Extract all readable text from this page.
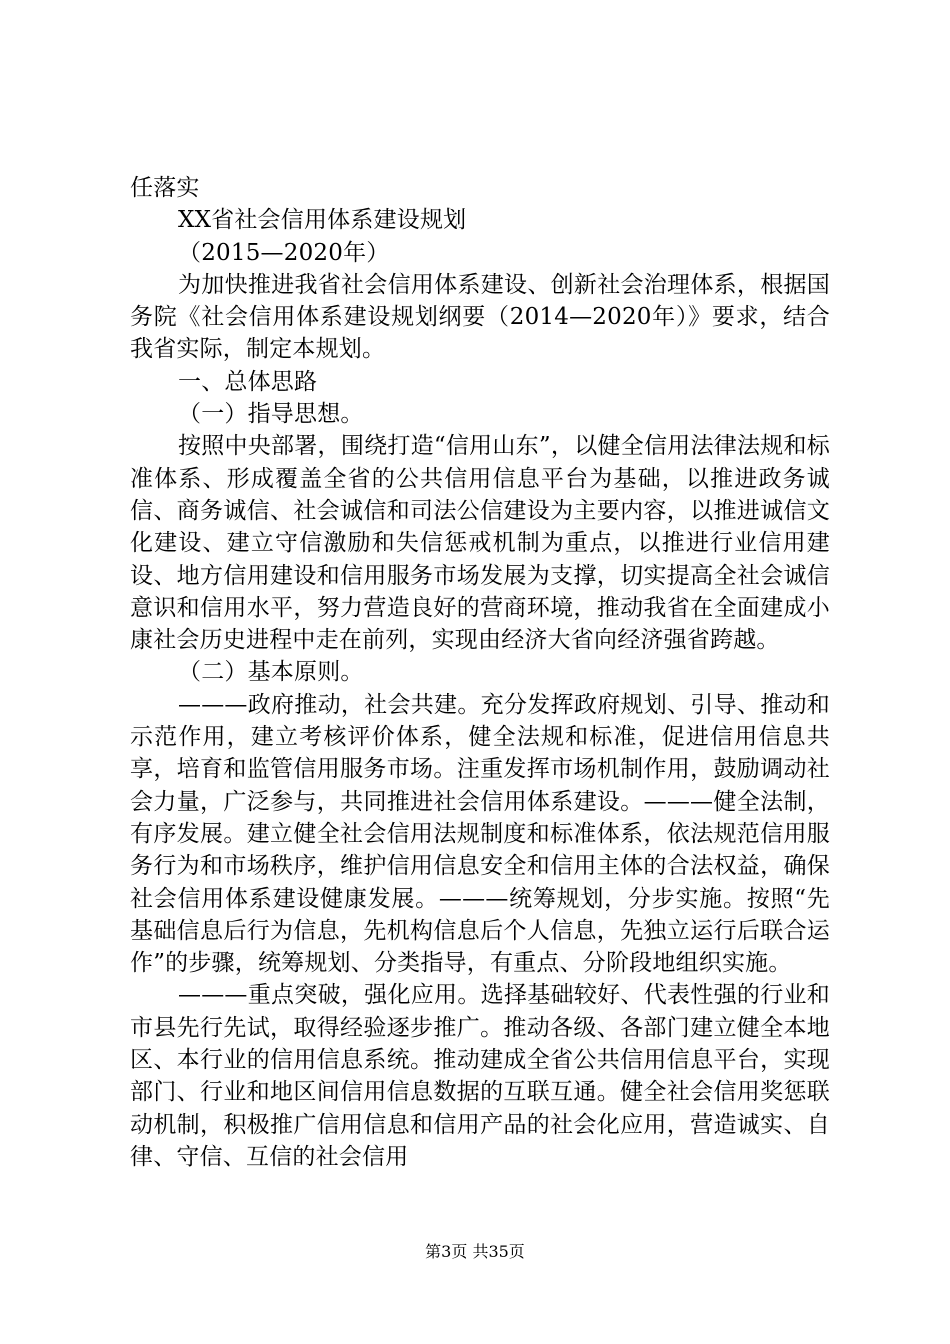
任落实

XX省社会信用体系建设规划

（2015—2020年）

为加快推进我省社会信用体系建设、创新社会治理体系，根据国务院《社会信用体系建设规划纲要（2014—2020年）》要求，结合我省实际，制定本规划。

一、总体思路

（一）指导思想。

按照中央部署，围绕打造“信用山东”，以健全信用法律法规和标准体系、形成覆盖全省的公共信用信息平台为基础，以推进政务诚信、商务诚信、社会诚信和司法公信建设为主要内容，以推进诚信文化建设、建立守信激励和失信惩戒机制为重点，以推进行业信用建设、地方信用建设和信用服务市场发展为支撑，切实提高全社会诚信意识和信用水平，努力营造良好的营商环境，推动我省在全面建成小康社会历史进程中走在前列，实现由经济大省向经济强省跨越。

（二）基本原则。

———政府推动，社会共建。充分发挥政府规划、引导、推动和示范作用，建立考核评价体系，健全法规和标准，促进信用信息共享，培育和监管信用服务市场。注重发挥市场机制作用，鼓励调动社会力量，广泛参与，共同推进社会信用体系建设。———健全法制，有序发展。建立健全社会信用法规制度和标准体系，依法规范信用服务行为和市场秩序，维护信用信息安全和信用主体的合法权益，确保社会信用体系建设健康发展。———统筹规划，分步实施。按照“先基础信息后行为信息，先机构信息后个人信息，先独立运行后联合运作”的步骤，统筹规划、分类指导，有重点、分阶段地组织实施。

———重点突破，强化应用。选择基础较好、代表性强的行业和市县先行先试，取得经验逐步推广。推动各级、各部门建立健全本地区、本行业的信用信息系统。推动建成全省公共信用信息平台，实现部门、行业和地区间信用信息数据的互联互通。健全社会信用奖惩联动机制，积极推广信用信息和信用产品的社会化应用，营造诚实、自律、守信、互信的社会信用

第3页 共35页
